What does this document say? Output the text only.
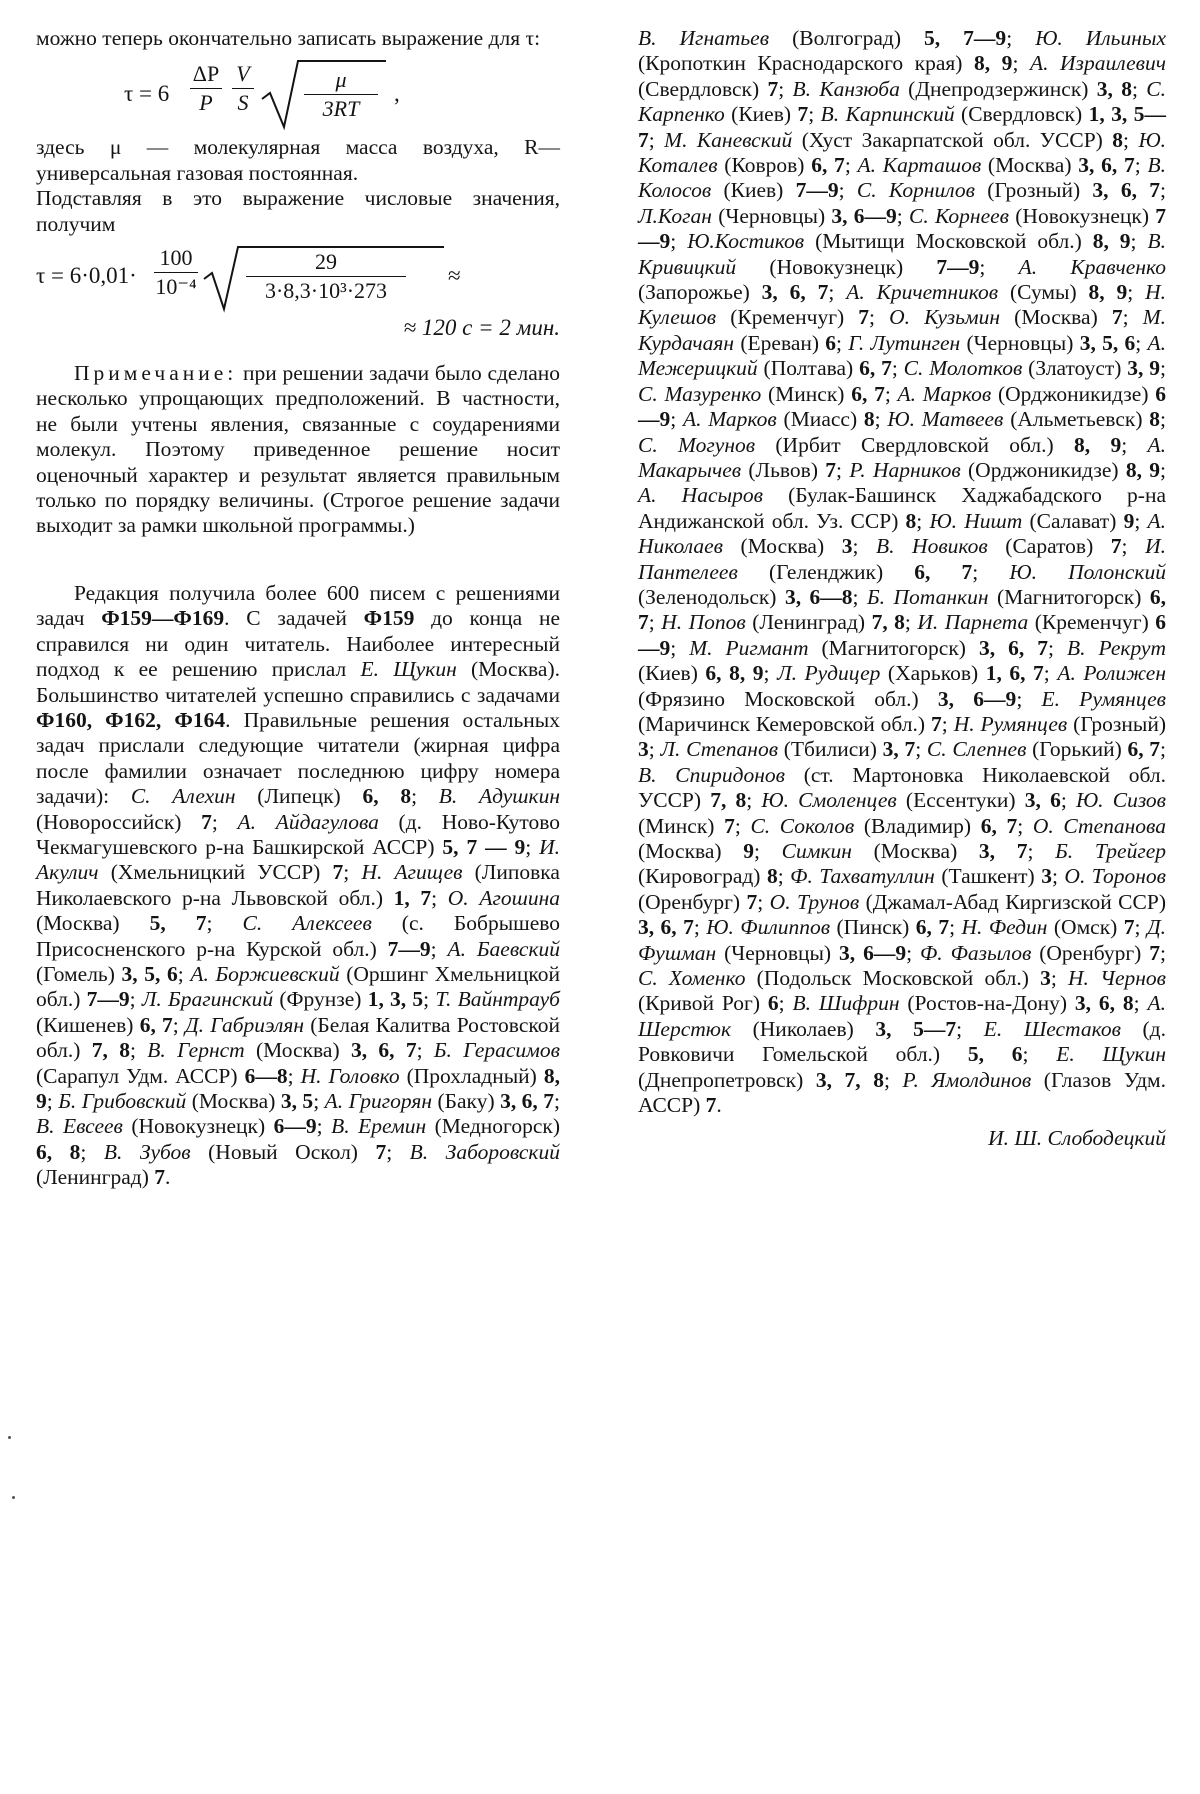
можно теперь окончательно записать выражение для τ:

τ = 6
ΔP
P
V
S
μ
3RT
,

здесь μ — молекулярная масса воздуха, R— универсальная газовая постоянная.

Подставляя в это выражение числовые значения, получим

τ = 6·0,01·
100
10⁻⁴
29
3·8,3·10³·273
≈
≈ 120 с = 2 мин.

Примечание: при решении задачи было сделано несколько упрощающих предположений. В частности, не были учтены явления, связанные с соударениями молекул. Поэтому приведенное решение носит оценочный характер и результат является правильным только по порядку величины. (Строгое решение задачи выходит за рамки школьной программы.)

Редакция получила более 600 писем с решениями задач Ф159—Ф169. С задачей Ф159 до конца не справился ни один читатель. Наиболее интересный подход к ее решению прислал Е. Щукин (Москва). Большинство читателей успешно справились с задачами Ф160, Ф162, Ф164. Правильные решения остальных задач прислали следующие читатели (жирная цифра после фамилии означает последнюю цифру номера задачи): С. Алехин (Липецк) 6, 8; В. Адушкин (Новороссийск) 7; А. Айдагулова (д. Ново-Кутово Чекмагушевского р-на Башкирской АССР) 5, 7 — 9; И. Акулич (Хмельницкий УССР) 7; Н. Агищев (Липовка Николаевского р-на Львовской обл.) 1, 7; О. Агошина (Москва) 5, 7; С. Алексеев (с. Бобрышево Присосненского р-на Курской обл.) 7—9; А. Баевский (Гомель) 3, 5, 6; А. Боржиевский (Оршинг Хмельницкой обл.) 7—9; Л. Брагинский (Фрунзе) 1, 3, 5; Т. Вайнтрауб (Кишенев) 6, 7; Д. Габриэлян (Белая Калитва Ростовской обл.) 7, 8; В. Гернст (Москва) 3, 6, 7; Б. Герасимов (Сарапул Удм. АССР) 6—8; Н. Головко (Прохладный) 8, 9; Б. Грибовский (Москва) 3, 5; А. Григорян (Баку) 3, 6, 7; В. Евсеев (Новокузнецк) 6—9; В. Еремин (Медногорск) 6, 8; В. Зубов (Новый Оскол) 7; В. Забор​овский (Ленинград) 7.

В. Игнатьев (Волгоград) 5, 7—9; Ю. Ильиных (Кропоткин Краснодарского края) 8, 9; А. Израилевич (Свердловск) 7; В. Канзюба (Днепродзержинск) 3, 8; С. Карпенко (Киев) 7; В. Карпинский (Свердловск) 1, 3, 5—7; М. Каневский (Хуст Закарпатской обл. УССР) 8; Ю. Коталев (Ковров) 6, 7; А. Карташов (Москва) 3, 6, 7; В. Колосов (Киев) 7—9; С. Корнилов (Грозный) 3, 6, 7; Л.Коган (Черновцы) 3, 6—9; С. Корнеев (Новокузнецк) 7—9; Ю.Костиков (Мытищи Московской обл.) 8, 9; В. Кривицкий (Новокузнецк) 7—9; А. Кравченко (Запорожье) 3, 6, 7; А. Кричетников (Сумы) 8, 9; Н. Кулешов (Кременчуг) 7; О. Кузьмин (Москва) 7; М. Курдачаян (Ереван) 6; Г. Лутинген (Черновцы) 3, 5, 6; А. Межерицкий (Полтава) 6, 7; С. Молотков (Златоуст) 3, 9; С. Мазуренко (Минск) 6, 7; А. Марков (Орджоникидзе) 6—9; А. Марков (Миасс) 8; Ю. Матвеев (Альметьевск) 8; С. Могунов (Ирбит Свердловской обл.) 8, 9; А. Макарычев (Львов) 7; Р. Нарников (Орджоникидзе) 8, 9; А. Насыров (Булак-Башинск Хаджабадского р-на Андижанской обл. Уз. ССР) 8; Ю. Ништ (Салават) 9; А. Николаев (Москва) 3; В. Новиков (Саратов) 7; И. Пантелеев (Геленджик) 6, 7; Ю. Полонский (Зеленодольск) 3, 6—8; Б. Потанкин (Магнитогорск) 6, 7; Н. Попов (Ленинград) 7, 8; И. Парнета (Кременчуг) 6—9; М. Ригмант (Магнитогорск) 3, 6, 7; В. Рекрут (Киев) 6, 8, 9; Л. Рудицер (Харьков) 1, 6, 7; А. Ролижен (Фрязино Московской обл.) 3, 6—9; Е. Румянцев (Маричинск Кемеровской обл.) 7; Н. Румянцев (Грозный) 3; Л. Степанов (Тбилиси) 3, 7; С. Слепнев (Горький) 6, 7; В. Спиридонов (ст. Мартоновка Николаевской обл. УССР) 7, 8; Ю. Смоленцев (Ессентуки) 3, 6; Ю. Сизов (Минск) 7; С. Соколов (Владимир) 6, 7; О. Степанова (Москва) 9; Симкин (Москва) 3, 7; Б. Трейгер (Кировоград) 8; Ф. Тахватуллин (Ташкент) 3; О. Торонов (Оренбург) 7; О. Трунов (Джамал-Абад Киргизской ССР) 3, 6, 7; Ю. Филиппов (Пинск) 6, 7; Н. Федин (Омск) 7; Д. Фушман (Черновцы) 3, 6—9; Ф. Фазылов (Оренбург) 7; С. Хоменко (Подольск Московской обл.) 3; Н. Чернов (Кривой Рог) 6; В. Шифрин (Ростов-на-Дону) 3, 6, 8; А. Шерстюк (Николаев) 3, 5—7; Е. Шестаков (д. Ровковичи Гомельской обл.) 5, 6; Е. Щукин (Днепропетровск) 3, 7, 8; Р. Ямолдинов (Глазов Удм. АССР) 7.

И. Ш. Слободецкий
